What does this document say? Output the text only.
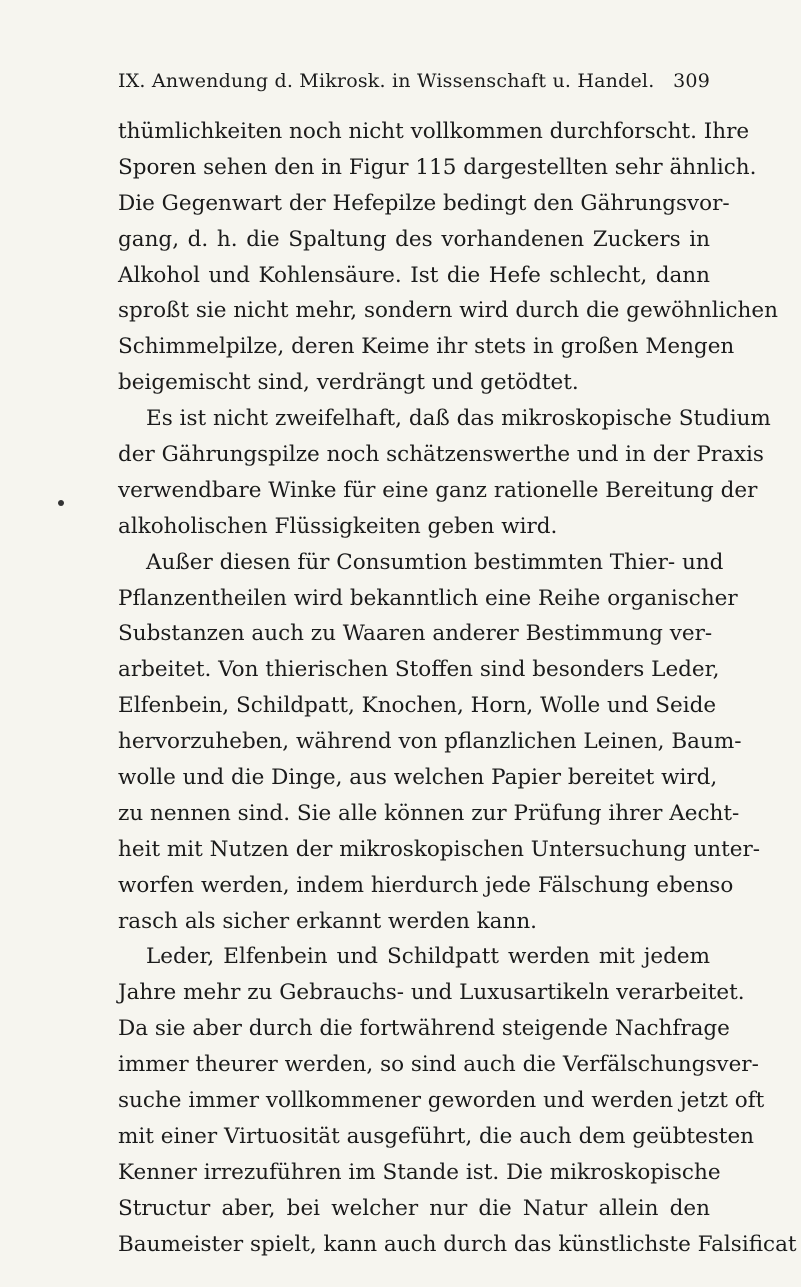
IX. Anwendung d. Mikrosk. in Wissenschaft u. Handel. 309
thümlichkeiten noch nicht vollkommen durchforscht. Ihre
Sporen sehen den in Figur 115 dargestellten sehr ähnlich.
Die Gegenwart der Hefepilze bedingt den Gährungsvor-
gang, d. h. die Spaltung des vorhandenen Zuckers in
Alkohol und Kohlensäure. Ist die Hefe schlecht, dann
sproßt sie nicht mehr, sondern wird durch die gewöhnlichen
Schimmelpilze, deren Keime ihr stets in großen Mengen
beigemischt sind, verdrängt und getödtet.
Es ist nicht zweifelhaft, daß das mikroskopische Studium
der Gährungspilze noch schätzenswerthe und in der Praxis
verwendbare Winke für eine ganz rationelle Bereitung der
alkoholischen Flüssigkeiten geben wird.
Außer diesen für Consumtion bestimmten Thier- und
Pflanzentheilen wird bekanntlich eine Reihe organischer
Substanzen auch zu Waaren anderer Bestimmung ver-
arbeitet. Von thierischen Stoffen sind besonders Leder,
Elfenbein, Schildpatt, Knochen, Horn, Wolle und Seide
hervorzuheben, während von pflanzlichen Leinen, Baum-
wolle und die Dinge, aus welchen Papier bereitet wird,
zu nennen sind. Sie alle können zur Prüfung ihrer Aecht-
heit mit Nutzen der mikroskopischen Untersuchung unter-
worfen werden, indem hierdurch jede Fälschung ebenso
rasch als sicher erkannt werden kann.
Leder, Elfenbein und Schildpatt werden mit jedem
Jahre mehr zu Gebrauchs- und Luxusartikeln verarbeitet.
Da sie aber durch die fortwährend steigende Nachfrage
immer theurer werden, so sind auch die Verfälschungsver-
suche immer vollkommener geworden und werden jetzt oft
mit einer Virtuosität ausgeführt, die auch dem geübtesten
Kenner irrezuführen im Stande ist. Die mikroskopische
Structur aber, bei welcher nur die Natur allein den
Baumeister spielt, kann auch durch das künstlichste Falsificat
